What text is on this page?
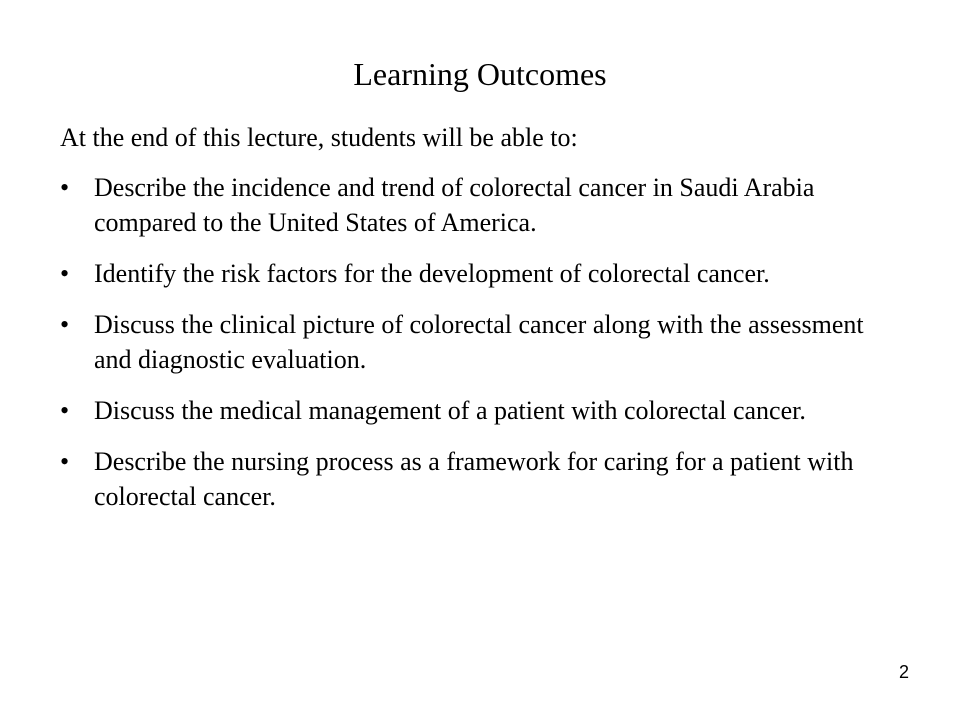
Learning Outcomes
At the end of this lecture, students will be able to:
• Describe the incidence and trend of colorectal cancer in Saudi Arabia compared to the United States of America.
• Identify the risk factors for the development of colorectal cancer.
• Discuss the clinical picture of colorectal cancer along with the assessment and diagnostic evaluation.
• Discuss the medical management of a patient with colorectal cancer.
• Describe the nursing process as a framework for caring for a patient with colorectal cancer.
2
